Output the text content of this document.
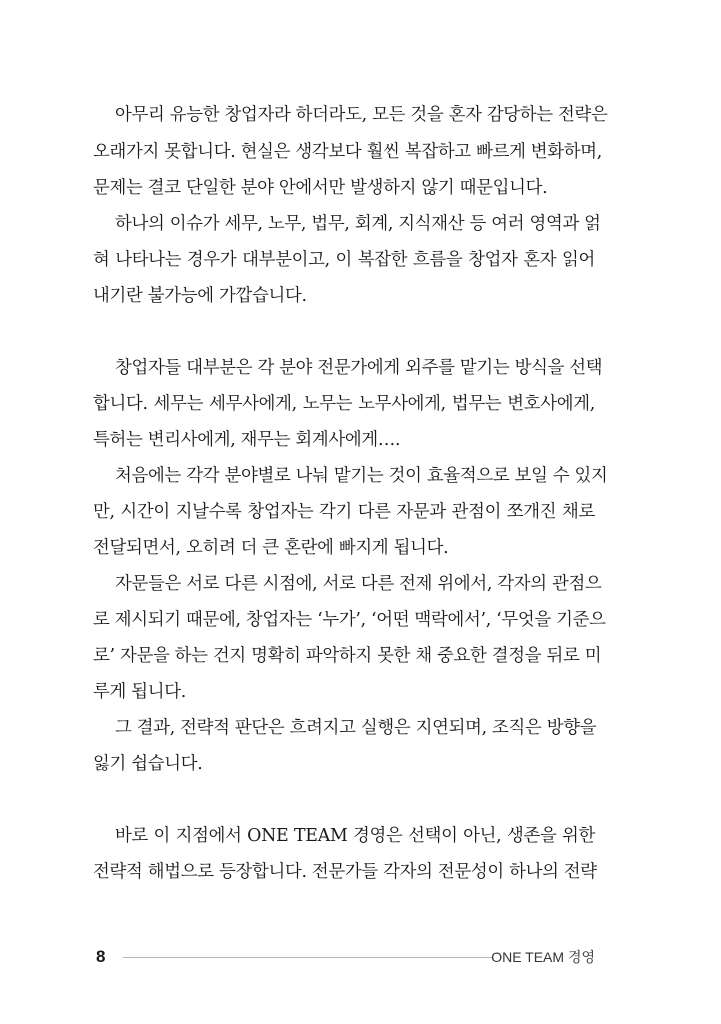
아무리 유능한 창업자라 하더라도, 모든 것을 혼자 감당하는 전략은
오래가지 못합니다. 현실은 생각보다 훨씬 복잡하고 빠르게 변화하며,
문제는 결코 단일한 분야 안에서만 발생하지 않기 때문입니다.
하나의 이슈가 세무, 노무, 법무, 회계, 지식재산 등 여러 영역과 얽
혀 나타나는 경우가 대부분이고, 이 복잡한 흐름을 창업자 혼자 읽어
내기란 불가능에 가깝습니다.
창업자들 대부분은 각 분야 전문가에게 외주를 맡기는 방식을 선택
합니다. 세무는 세무사에게, 노무는 노무사에게, 법무는 변호사에게,
특허는 변리사에게, 재무는 회계사에게….
처음에는 각각 분야별로 나눠 맡기는 것이 효율적으로 보일 수 있지
만, 시간이 지날수록 창업자는 각기 다른 자문과 관점이 쪼개진 채로
전달되면서, 오히려 더 큰 혼란에 빠지게 됩니다.
자문들은 서로 다른 시점에, 서로 다른 전제 위에서, 각자의 관점으
로 제시되기 때문에, 창업자는 ‘누가’, ‘어떤 맥락에서’, ‘무엇을 기준으
로’ 자문을 하는 건지 명확히 파악하지 못한 채 중요한 결정을 뒤로 미
루게 됩니다.
그 결과, 전략적 판단은 흐려지고 실행은 지연되며, 조직은 방향을
잃기 쉽습니다.
바로 이 지점에서 ONE TEAM 경영은 선택이 아닌, 생존을 위한
전략적 해법으로 등장합니다. 전문가들 각자의 전문성이 하나의 전략
8	ONE TEAM 경영
